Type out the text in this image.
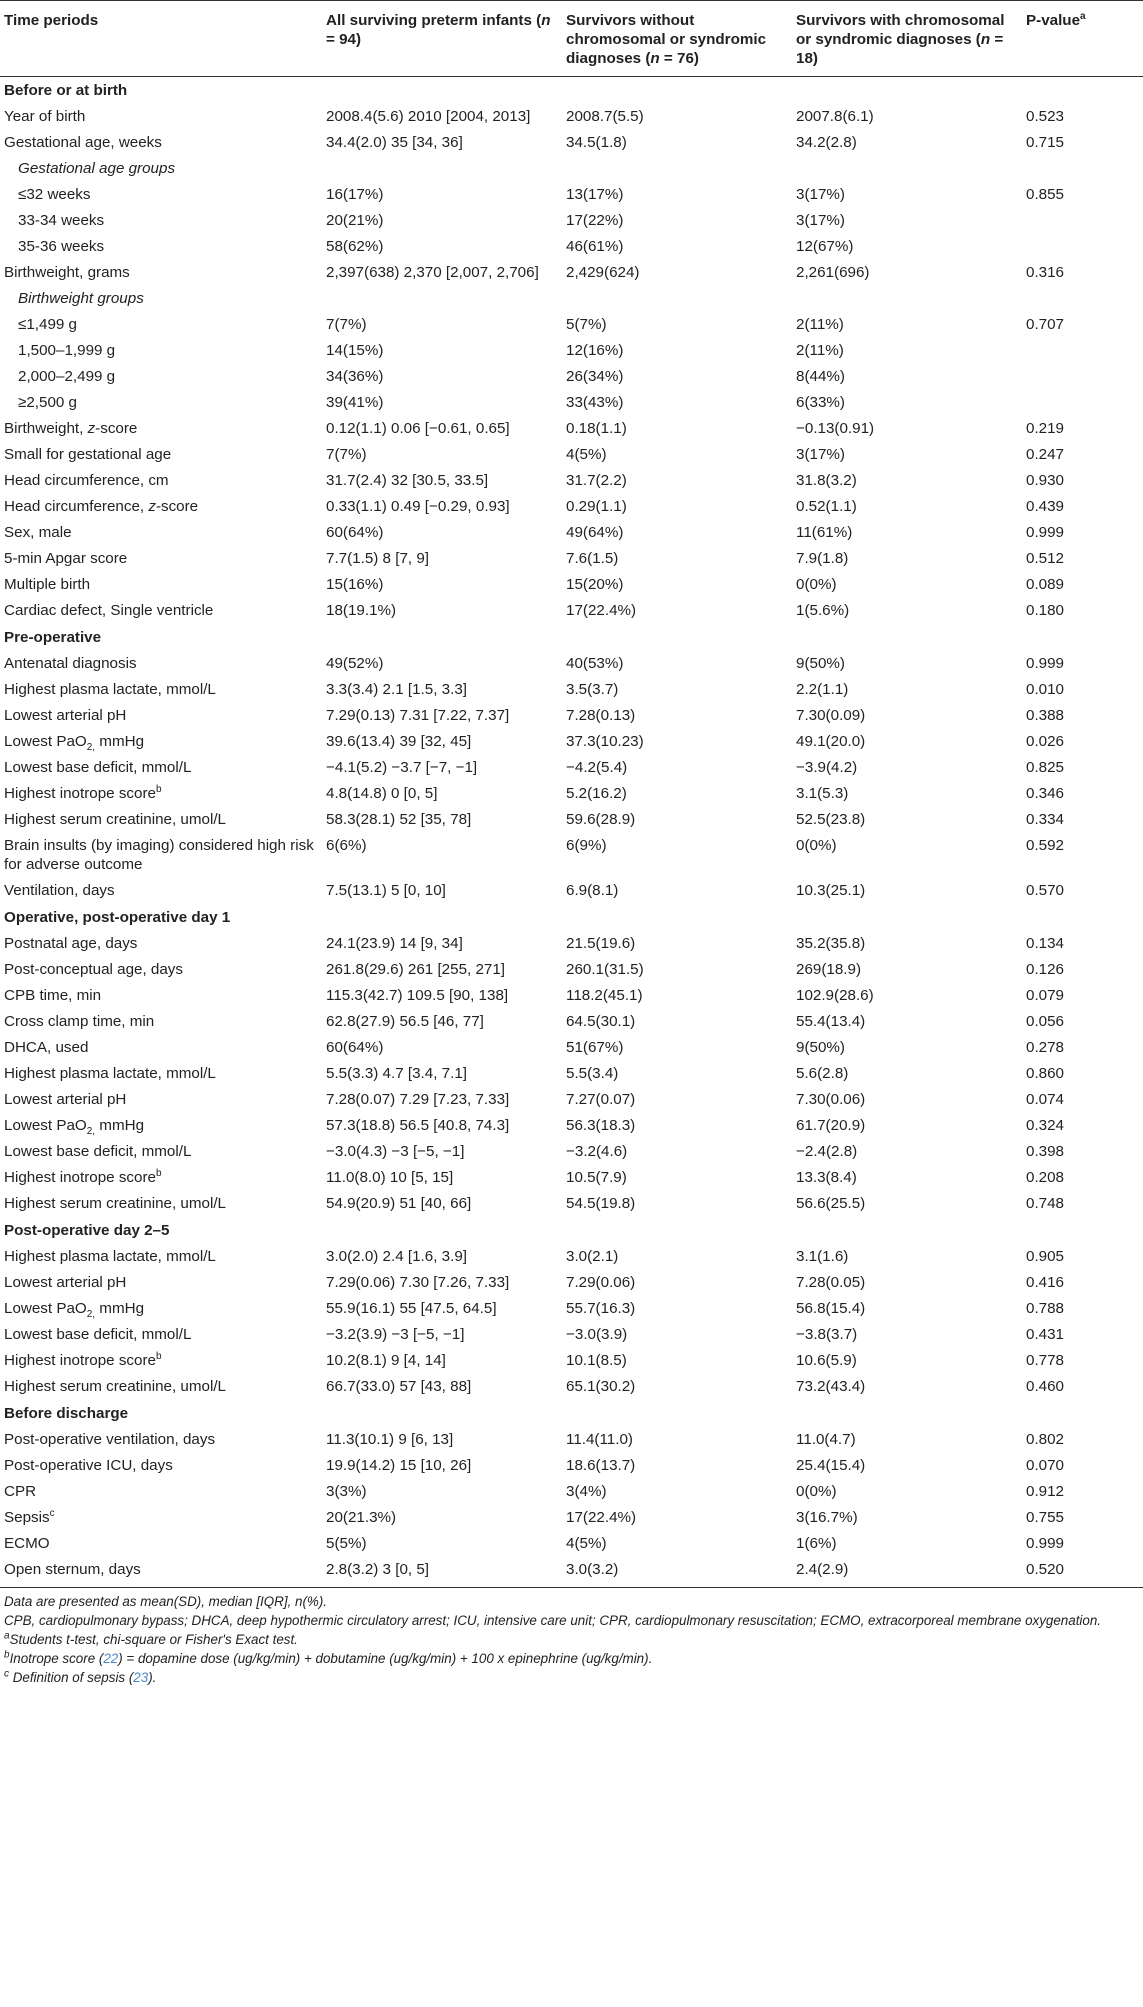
Time periods	All surviving preterm infants (n = 94)	Survivors without chromosomal or syndromic diagnoses (n = 76)	Survivors with chromosomal or syndromic diagnoses (n = 18)	P-value$^a$
Before or at birth				
Year of birth	2008.4(5.6) 2010 [2004, 2013]	2008.7(5.5)	2007.8(6.1)	0.523
Gestational age, weeks	34.4(2.0) 35 [34, 36]	34.5(1.8)	34.2(2.8)	0.715
Gestational age groups				
≤32 weeks	16(17%)	13(17%)	3(17%)	0.855
33-34 weeks	20(21%)	17(22%)	3(17%)	
35-36 weeks	58(62%)	46(61%)	12(67%)	
Birthweight, grams	2,397(638) 2,370 [2,007, 2,706]	2,429(624)	2,261(696)	0.316
Birthweight groups				
≤1,499 g	7(7%)	5(7%)	2(11%)	0.707
1,500–1,999 g	14(15%)	12(16%)	2(11%)	
2,000–2,499 g	34(36%)	26(34%)	8(44%)	
≥2,500 g	39(41%)	33(43%)	6(33%)	
Birthweight, z-score	0.12(1.1) 0.06 [−0.61, 0.65]	0.18(1.1)	−0.13(0.91)	0.219
Small for gestational age	7(7%)	4(5%)	3(17%)	0.247
Head circumference, cm	31.7(2.4) 32 [30.5, 33.5]	31.7(2.2)	31.8(3.2)	0.930
Head circumference, z-score	0.33(1.1) 0.49 [−0.29, 0.93]	0.29(1.1)	0.52(1.1)	0.439
Sex, male	60(64%)	49(64%)	11(61%)	0.999
5-min Apgar score	7.7(1.5) 8 [7, 9]	7.6(1.5)	7.9(1.8)	0.512
Multiple birth	15(16%)	15(20%)	0(0%)	0.089
Cardiac defect, Single ventricle	18(19.1%)	17(22.4%)	1(5.6%)	0.180
Pre-operative				
Antenatal diagnosis	49(52%)	40(53%)	9(50%)	0.999
Highest plasma lactate, mmol/L	3.3(3.4) 2.1 [1.5, 3.3]	3.5(3.7)	2.2(1.1)	0.010
Lowest arterial pH	7.29(0.13) 7.31 [7.22, 7.37]	7.28(0.13)	7.30(0.09)	0.388
Lowest PaO$_{2,}$ mmHg	39.6(13.4) 39 [32, 45]	37.3(10.23)	49.1(20.0)	0.026
Lowest base deficit, mmol/L	−4.1(5.2) −3.7 [−7, −1]	−4.2(5.4)	−3.9(4.2)	0.825
Highest inotrope score$^b$	4.8(14.8) 0 [0, 5]	5.2(16.2)	3.1(5.3)	0.346
Highest serum creatinine, umol/L	58.3(28.1) 52 [35, 78]	59.6(28.9)	52.5(23.8)	0.334
Brain insults (by imaging) considered high risk for adverse outcome	6(6%)	6(9%)	0(0%)	0.592
Ventilation, days	7.5(13.1) 5 [0, 10]	6.9(8.1)	10.3(25.1)	0.570
Operative, post-operative day 1				
Postnatal age, days	24.1(23.9) 14 [9, 34]	21.5(19.6)	35.2(35.8)	0.134
Post-conceptual age, days	261.8(29.6) 261 [255, 271]	260.1(31.5)	269(18.9)	0.126
CPB time, min	115.3(42.7) 109.5 [90, 138]	118.2(45.1)	102.9(28.6)	0.079
Cross clamp time, min	62.8(27.9) 56.5 [46, 77]	64.5(30.1)	55.4(13.4)	0.056
DHCA, used	60(64%)	51(67%)	9(50%)	0.278
Highest plasma lactate, mmol/L	5.5(3.3) 4.7 [3.4, 7.1]	5.5(3.4)	5.6(2.8)	0.860
Lowest arterial pH	7.28(0.07) 7.29 [7.23, 7.33]	7.27(0.07)	7.30(0.06)	0.074
Lowest PaO$_{2,}$ mmHg	57.3(18.8) 56.5 [40.8, 74.3]	56.3(18.3)	61.7(20.9)	0.324
Lowest base deficit, mmol/L	−3.0(4.3) −3 [−5, −1]	−3.2(4.6)	−2.4(2.8)	0.398
Highest inotrope score$^b$	11.0(8.0) 10 [5, 15]	10.5(7.9)	13.3(8.4)	0.208
Highest serum creatinine, umol/L	54.9(20.9) 51 [40, 66]	54.5(19.8)	56.6(25.5)	0.748
Post-operative day 2–5				
Highest plasma lactate, mmol/L	3.0(2.0) 2.4 [1.6, 3.9]	3.0(2.1)	3.1(1.6)	0.905
Lowest arterial pH	7.29(0.06) 7.30 [7.26, 7.33]	7.29(0.06)	7.28(0.05)	0.416
Lowest PaO$_{2,}$ mmHg	55.9(16.1) 55 [47.5, 64.5]	55.7(16.3)	56.8(15.4)	0.788
Lowest base deficit, mmol/L	−3.2(3.9) −3 [−5, −1]	−3.0(3.9)	−3.8(3.7)	0.431
Highest inotrope score$^b$	10.2(8.1) 9 [4, 14]	10.1(8.5)	10.6(5.9)	0.778
Highest serum creatinine, umol/L	66.7(33.0) 57 [43, 88]	65.1(30.2)	73.2(43.4)	0.460
Before discharge				
Post-operative ventilation, days	11.3(10.1) 9 [6, 13]	11.4(11.0)	11.0(4.7)	0.802
Post-operative ICU, days	19.9(14.2) 15 [10, 26]	18.6(13.7)	25.4(15.4)	0.070
CPR	3(3%)	3(4%)	0(0%)	0.912
Sepsis$^c$	20(21.3%)	17(22.4%)	3(16.7%)	0.755
ECMO	5(5%)	4(5%)	1(6%)	0.999
Open sternum, days	2.8(3.2) 3 [0, 5]	3.0(3.2)	2.4(2.9)	0.520
Data are presented as mean(SD), median [IQR], n(%).
CPB, cardiopulmonary bypass; DHCA, deep hypothermic circulatory arrest; ICU, intensive care unit; CPR, cardiopulmonary resuscitation; ECMO, extracorporeal membrane oxygenation.
$^a$Students t-test, chi-square or Fisher's Exact test.
$^b$Inotrope score (22) = dopamine dose (ug/kg/min) + dobutamine (ug/kg/min) + 100 x epinephrine (ug/kg/min).
$^c$ Definition of sepsis (23).
